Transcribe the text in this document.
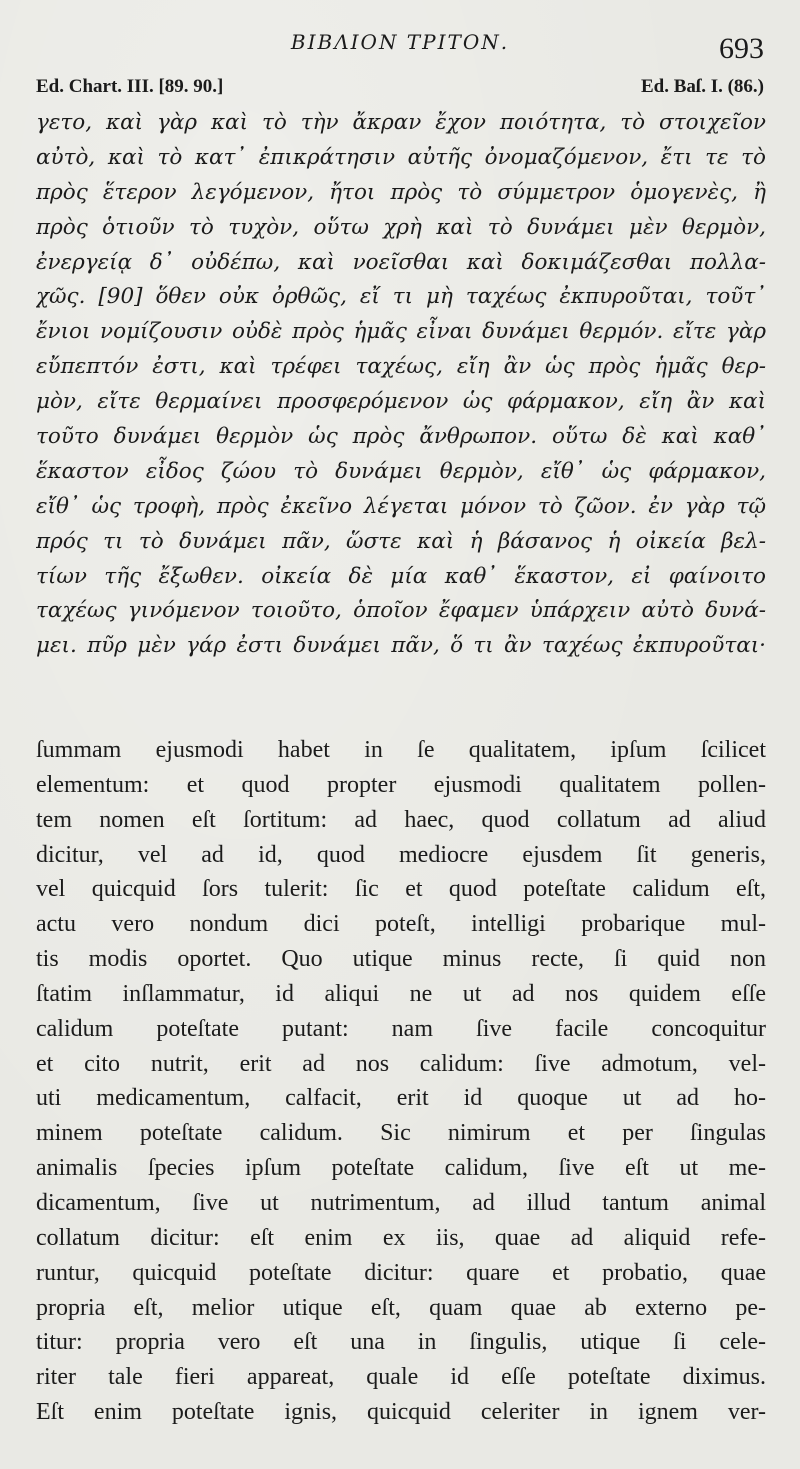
ΒΙΒΛΙΟΝ ΤΡΙΤΟΝ.	693
Ed. Chart. III. [89. 90.]	Ed. Baſ. I. (86.)
γετο, καὶ γὰρ καὶ τὸ τὴν ἄκραν ἔχον ποιότητα, τὸ στοιχεῖον
αὐτὸ, καὶ τὸ κατ᾽ ἐπικράτησιν αὐτῆς ὀνομαζόμενον, ἔτι τε τὸ
πρὸς ἕτερον λεγόμενον, ἤτοι πρὸς τὸ σύμμετρον ὁμογενὲς, ἢ
πρὸς ὁτιοῦν τὸ τυχὸν, οὕτω χρὴ καὶ τὸ δυνάμει μὲν θερμὸν,
ἐνεργείᾳ δ᾽ οὐδέπω, καὶ νοεῖσθαι καὶ δοκιμάζεσθαι πολλα-
χῶς. [90] ὅθεν οὐκ ὀρθῶς, εἴ τι μὴ ταχέως ἐκπυροῦται, τοῦτ᾽
ἔνιοι νομίζουσιν οὐδὲ πρὸς ἡμᾶς εἶναι δυνάμει θερμόν. εἴτε γὰρ
εὔπεπτόν ἐστι, καὶ τρέφει ταχέως, εἴη ἂν ὡς πρὸς ἡμᾶς θερ-
μὸν, εἴτε θερμαίνει προσφερόμενον ὡς φάρμακον, εἴη ἂν καὶ
τοῦτο δυνάμει θερμὸν ὡς πρὸς ἄνθρωπον. οὕτω δὲ καὶ καθ᾽
ἕκαστον εἶδος ζώου τὸ δυνάμει θερμὸν, εἴθ᾽ ὡς φάρμακον,
εἴθ᾽ ὡς τροφὴ, πρὸς ἐκεῖνο λέγεται μόνον τὸ ζῶον. ἐν γὰρ τῷ
πρός τι τὸ δυνάμει πᾶν, ὥστε καὶ ἡ βάσανος ἡ οἰκεία βελ-
τίων τῆς ἔξωθεν. οἰκεία δὲ μία καθ᾽ ἕκαστον, εἰ φαίνοιτο
ταχέως γινόμενον τοιοῦτο, ὁποῖον ἔφαμεν ὑπάρχειν αὐτὸ δυνά-
μει. πῦρ μὲν γάρ ἐστι δυνάμει πᾶν, ὅ τι ἂν ταχέως ἐκπυροῦται·
ſummam ejusmodi habet in ſe qualitatem, ipſum ſcilicet
elementum: et quod propter ejusmodi qualitatem pollen-
tem nomen eſt ſortitum: ad haec, quod collatum ad aliud
dicitur, vel ad id, quod mediocre ejusdem ſit generis,
vel quicquid ſors tulerit: ſic et quod poteſtate calidum eſt,
actu vero nondum dici poteſt, intelligi probarique mul-
tis modis oportet. Quo utique minus recte, ſi quid non
ſtatim inſlammatur, id aliqui ne ut ad nos quidem eſſe
calidum poteſtate putant: nam ſive facile concoquitur
et cito nutrit, erit ad nos calidum: ſive admotum, vel-
uti medicamentum, calfacit, erit id quoque ut ad ho-
minem poteſtate calidum. Sic nimirum et per ſingulas
animalis ſpecies ipſum poteſtate calidum, ſive eſt ut me-
dicamentum, ſive ut nutrimentum, ad illud tantum animal
collatum dicitur: eſt enim ex iis, quae ad aliquid refe-
runtur, quicquid poteſtate dicitur: quare et probatio, quae
propria eſt, melior utique eſt, quam quae ab externo pe-
titur: propria vero eſt una in ſingulis, utique ſi cele-
riter tale fieri appareat, quale id eſſe poteſtate diximus.
Eſt enim poteſtate ignis, quicquid celeriter in ignem ver-
